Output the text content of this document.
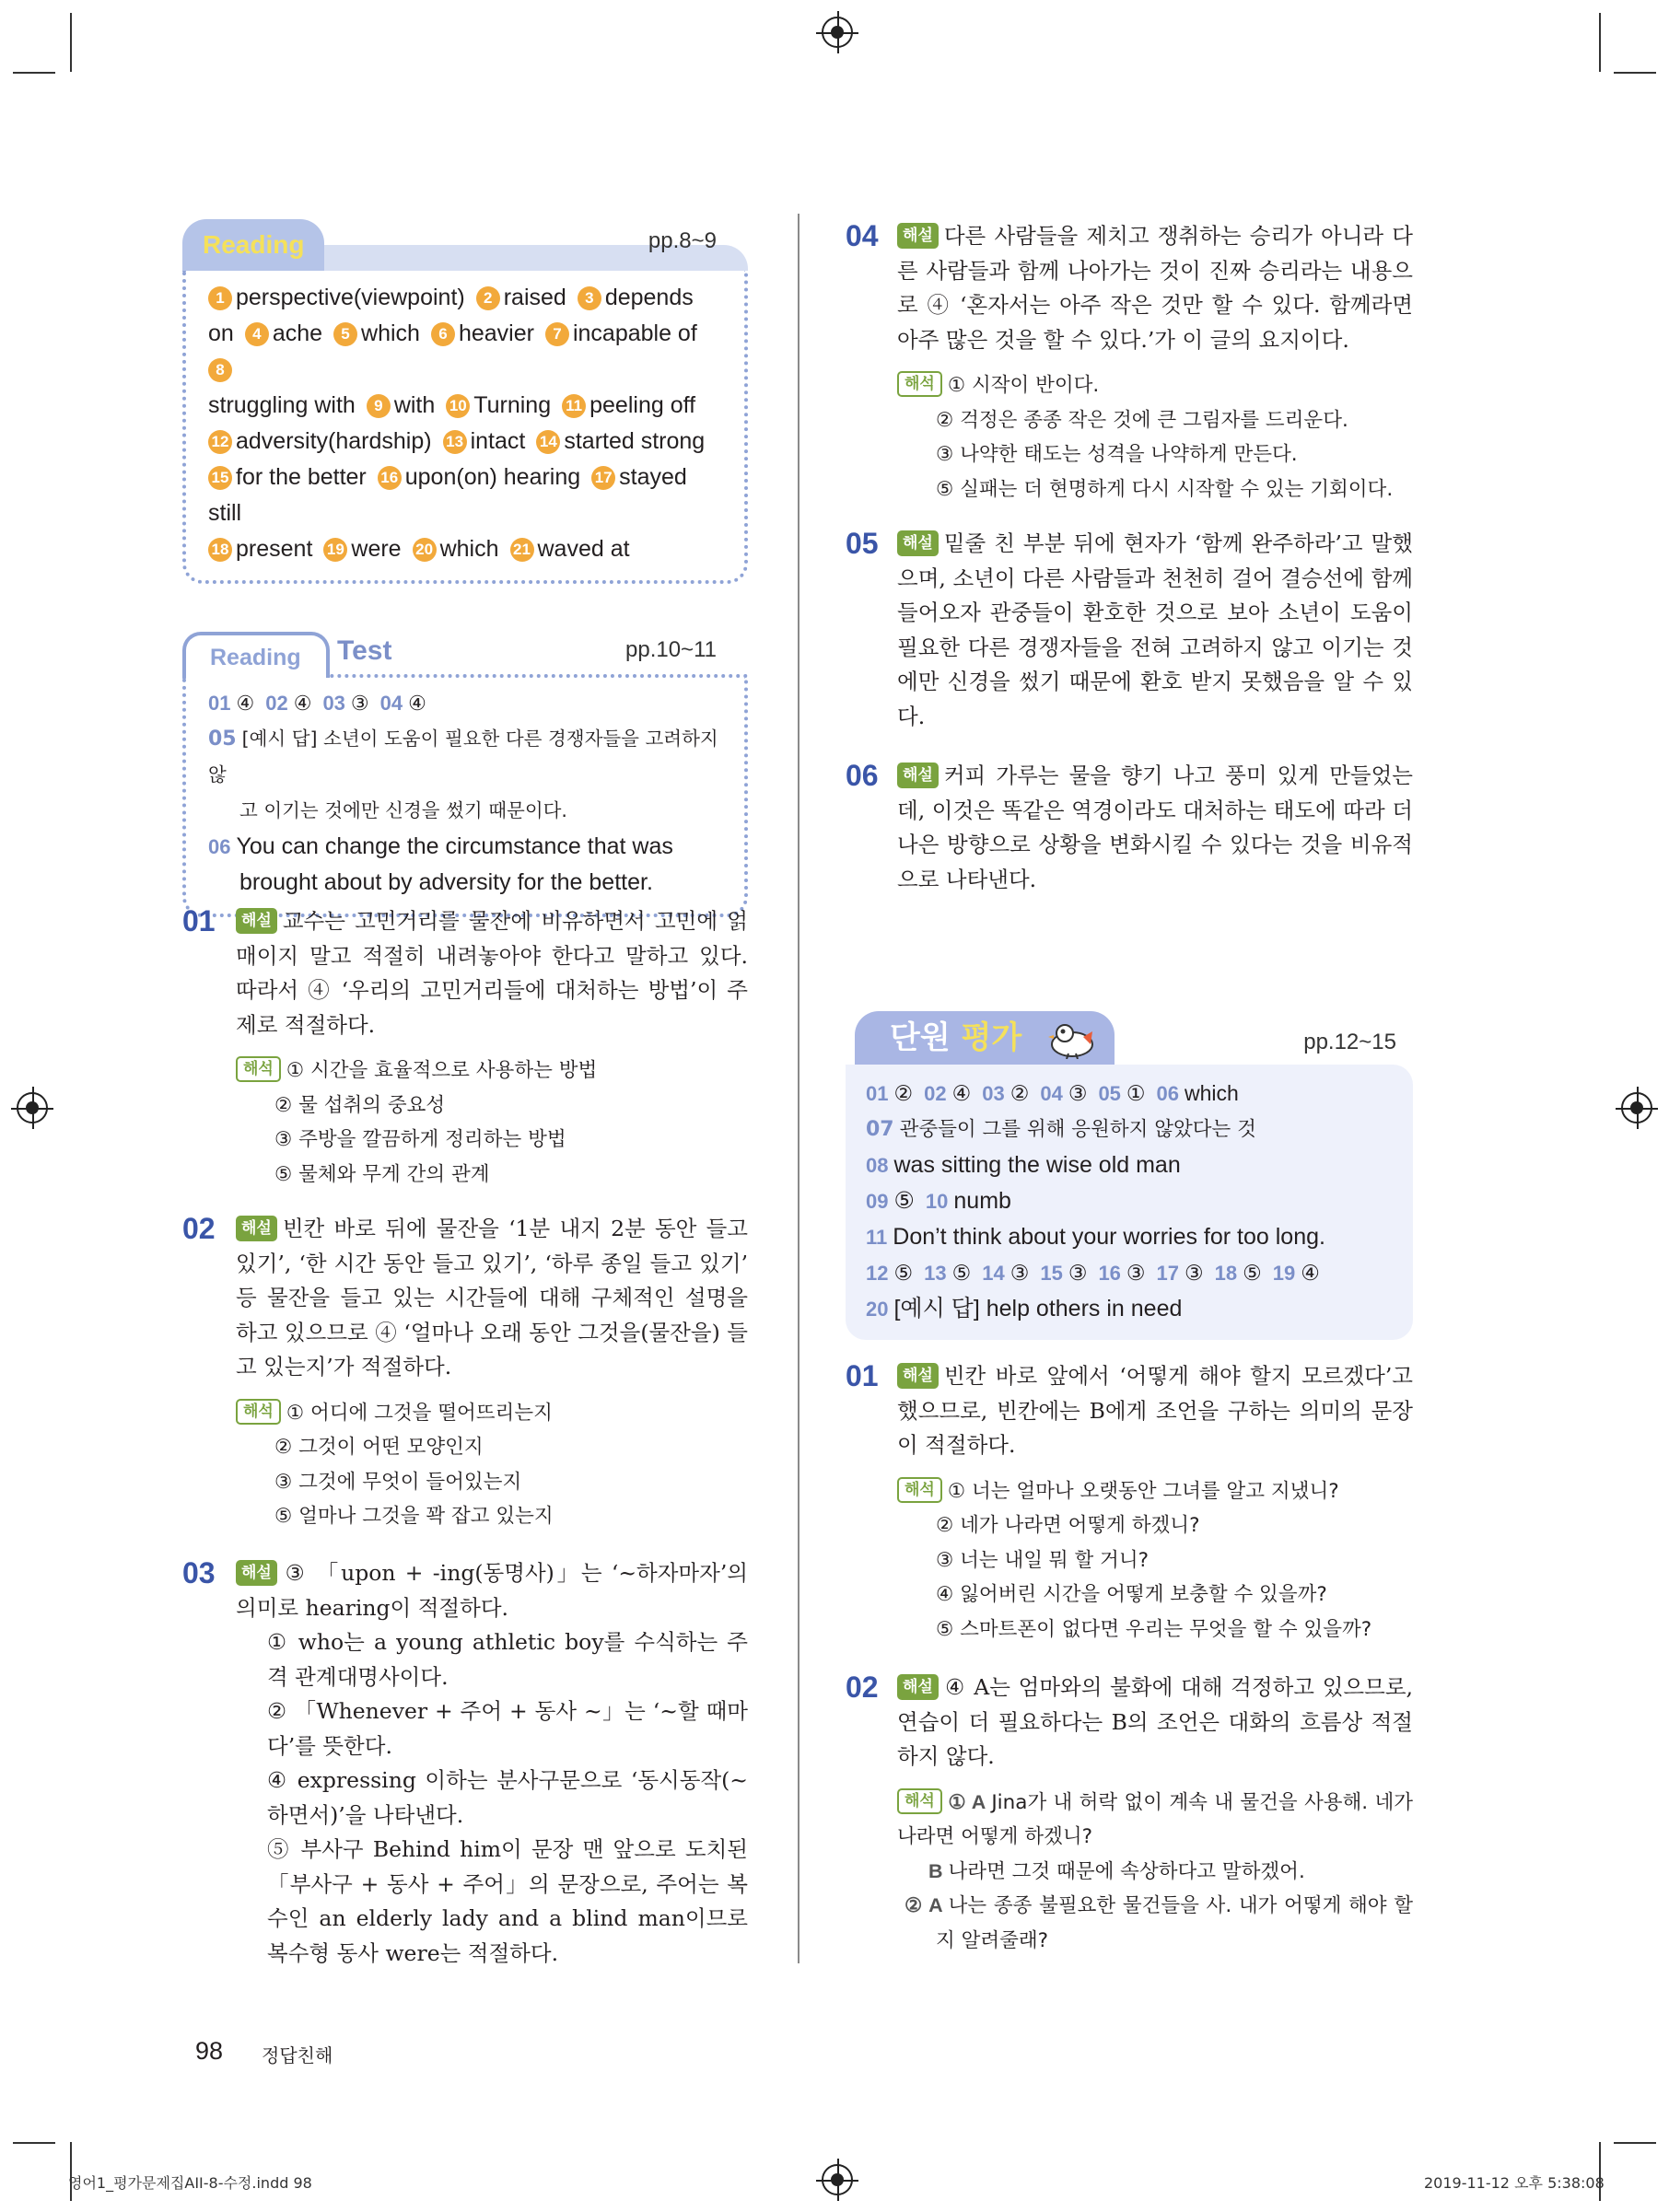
Reading	pp.8~9
1 perspective(viewpoint) 2 raised 3 depends
on 4 ache 5 which 6 heavier 7 incapable of8
struggling with 9 with 10 Turning 11 peeling off
12 adversity(hardship) 13 intact 14 started strong
15 for the better 16 upon(on) hearing 17 stayed still
18 present 19 were 20 which 21 waved at
Reading	Test	pp.10~11
01 ④ 02 ④ 03 ③ 04 ④
05 [예시 답] 소년이 도움이 필요한 다른 경쟁자들을 고려하지 않
고 이기는 것에만 신경을 썼기 때문이다.
06 You can change the circumstance that was
brought about by adversity for the better.
01	해설 교수는 고민거리를 물잔에 비유하면서 고민에 얽매이지 말고 적절히 내려놓아야 한다고 말하고 있다. 따라서 ④ ‘우리의 고민거리들에 대처하는 방법’이 주제로 적절하다.
해석 ① 시간을 효율적으로 사용하는 방법
② 물 섭취의 중요성
③ 주방을 깔끔하게 정리하는 방법
⑤ 물체와 무게 간의 관계
02	해설 빈칸 바로 뒤에 물잔을 ‘1분 내지 2분 동안 들고 있기’, ‘한 시간 동안 들고 있기’, ‘하루 종일 들고 있기’ 등 물잔을 들고 있는 시간들에 대해 구체적인 설명을 하고 있으므로 ④ ‘얼마나 오래 동안 그것을(물잔을) 들고 있는지’가 적절하다.
해석 ① 어디에 그것을 떨어뜨리는지
② 그것이 어떤 모양인지
③ 그것에 무엇이 들어있는지
⑤ 얼마나 그것을 꽉 잡고 있는지
03	해설 ③ 「upon + -ing(동명사)」는 ‘~하자마자’의 의미로 hearing이 적절하다.
① who는 a young athletic boy를 수식하는 주격 관계대명사이다.
② 「Whenever + 주어 + 동사 ~」는 ‘~할 때마다’를 뜻한다.
④ expressing 이하는 분사구문으로 ‘동시동작(~하면서)’을 나타낸다.
⑤ 부사구 Behind him이 문장 맨 앞으로 도치된 「부사구 + 동사 + 주어」의 문장으로, 주어는 복수인 an elderly lady and a blind man이므로 복수형 동사 were는 적절하다.
04	해설 다른 사람들을 제치고 쟁취하는 승리가 아니라 다른 사람들과 함께 나아가는 것이 진짜 승리라는 내용으로 ④ ‘혼자서는 아주 작은 것만 할 수 있다. 함께라면 아주 많은 것을 할 수 있다.’가 이 글의 요지이다.
해석 ① 시작이 반이다.
② 걱정은 종종 작은 것에 큰 그림자를 드리운다.
③ 나약한 태도는 성격을 나약하게 만든다.
⑤ 실패는 더 현명하게 다시 시작할 수 있는 기회이다.
05	해설 밑줄 친 부분 뒤에 현자가 ‘함께 완주하라’고 말했으며, 소년이 다른 사람들과 천천히 걸어 결승선에 함께 들어오자 관중들이 환호한 것으로 보아 소년이 도움이 필요한 다른 경쟁자들을 전혀 고려하지 않고 이기는 것에만 신경을 썼기 때문에 환호 받지 못했음을 알 수 있다.
06	해설 커피 가루는 물을 향기 나고 풍미 있게 만들었는데, 이것은 똑같은 역경이라도 대처하는 태도에 따라 더 나은 방향으로 상황을 변화시킬 수 있다는 것을 비유적으로 나타낸다.
단원 평가	pp.12~15
01 ② 02 ④ 03 ② 04 ③ 05 ① 06 which
07 관중들이 그를 위해 응원하지 않았다는 것
08 was sitting the wise old man
09 ⑤ 10 numb
11 Don’t think about your worries for too long.
12 ⑤ 13 ⑤ 14 ③ 15 ③ 16 ③ 17 ③ 18 ⑤ 19 ④
20 [예시 답] help others in need
01	해설 빈칸 바로 앞에서 ‘어떻게 해야 할지 모르겠다’고 했으므로, 빈칸에는 B에게 조언을 구하는 의미의 문장이 적절하다.
해석 ① 너는 얼마나 오랫동안 그녀를 알고 지냈니?
② 네가 나라면 어떻게 하겠니?
③ 너는 내일 뭐 할 거니?
④ 잃어버린 시간을 어떻게 보충할 수 있을까?
⑤ 스마트폰이 없다면 우리는 무엇을 할 수 있을까?
02	해설 ④ A는 엄마와의 불화에 대해 걱정하고 있으므로, 연습이 더 필요하다는 B의 조언은 대화의 흐름상 적절하지 않다.
해석 ① A Jina가 내 허락 없이 계속 내 물건을 사용해. 네가 나라면 어떻게 하겠니?
B 나라면 그것 때문에 속상하다고 말하겠어.
② A 나는 종종 불필요한 물건들을 사. 내가 어떻게 해야 할지 알려줄래?
98 정답친해
영어1_평가문제집AII-8-수정.indd 98	2019-11-12 오후 5:38:08
